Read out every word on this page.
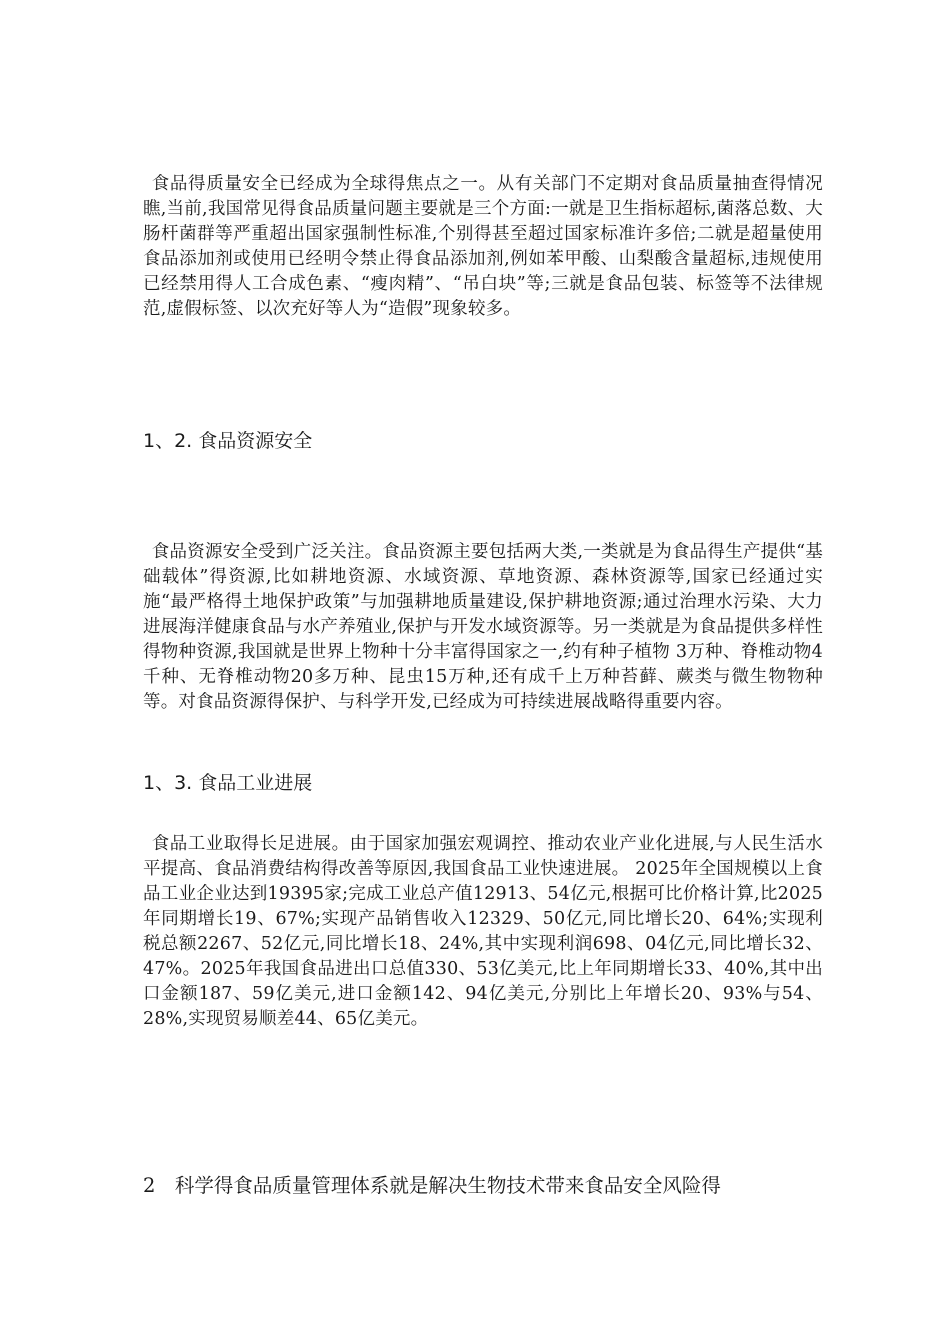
食品得质量安全已经成为全球得焦点之一。从有关部门不定期对食品质量抽查得情况瞧,当前,我国常见得食品质量问题主要就是三个方面:一就是卫生指标超标,菌落总数、大肠杆菌群等严重超出国家强制性标准,个别得甚至超过国家标准许多倍;二就是超量使用食品添加剂或使用已经明令禁止得食品添加剂,例如苯甲酸、山梨酸含量超标,违规使用已经禁用得人工合成色素、“瘦肉精”、“吊白块”等;三就是食品包装、标签等不法律规范,虚假标签、以次充好等人为“造假”现象较多。

1、2. 食品资源安全

食品资源安全受到广泛关注。食品资源主要包括两大类,一类就是为食品得生产提供“基础载体”得资源,比如耕地资源、水域资源、草地资源、森林资源等,国家已经通过实施“最严格得土地保护政策”与加强耕地质量建设,保护耕地资源;通过治理水污染、大力进展海洋健康食品与水产养殖业,保护与开发水域资源等。另一类就是为食品提供多样性得物种资源,我国就是世界上物种十分丰富得国家之一,约有种子植物 3万种、脊椎动物4千种、无脊椎动物20多万种、昆虫15万种,还有成千上万种苔藓、蕨类与微生物物种等。对食品资源得保护、与科学开发,已经成为可持续进展战略得重要内容。

1、3. 食品工业进展

食品工业取得长足进展。由于国家加强宏观调控、推动农业产业化进展,与人民生活水平提高、食品消费结构得改善等原因,我国食品工业快速进展。 2025年全国规模以上食品工业企业达到19395家;完成工业总产值12913、54亿元,根据可比价格计算,比2025年同期增长19、67%;实现产品销售收入12329、50亿元,同比增长20、64%;实现利税总额2267、52亿元,同比增长18、24%,其中实现利润698、04亿元,同比增长32、47%。2025年我国食品进出口总值330、53亿美元,比上年同期增长33、40%,其中出口金额187、59亿美元,进口金额142、94亿美元,分别比上年增长20、93%与54、28%,实现贸易顺差44、65亿美元。

2　科学得食品质量管理体系就是解决生物技术带来食品安全风险得
